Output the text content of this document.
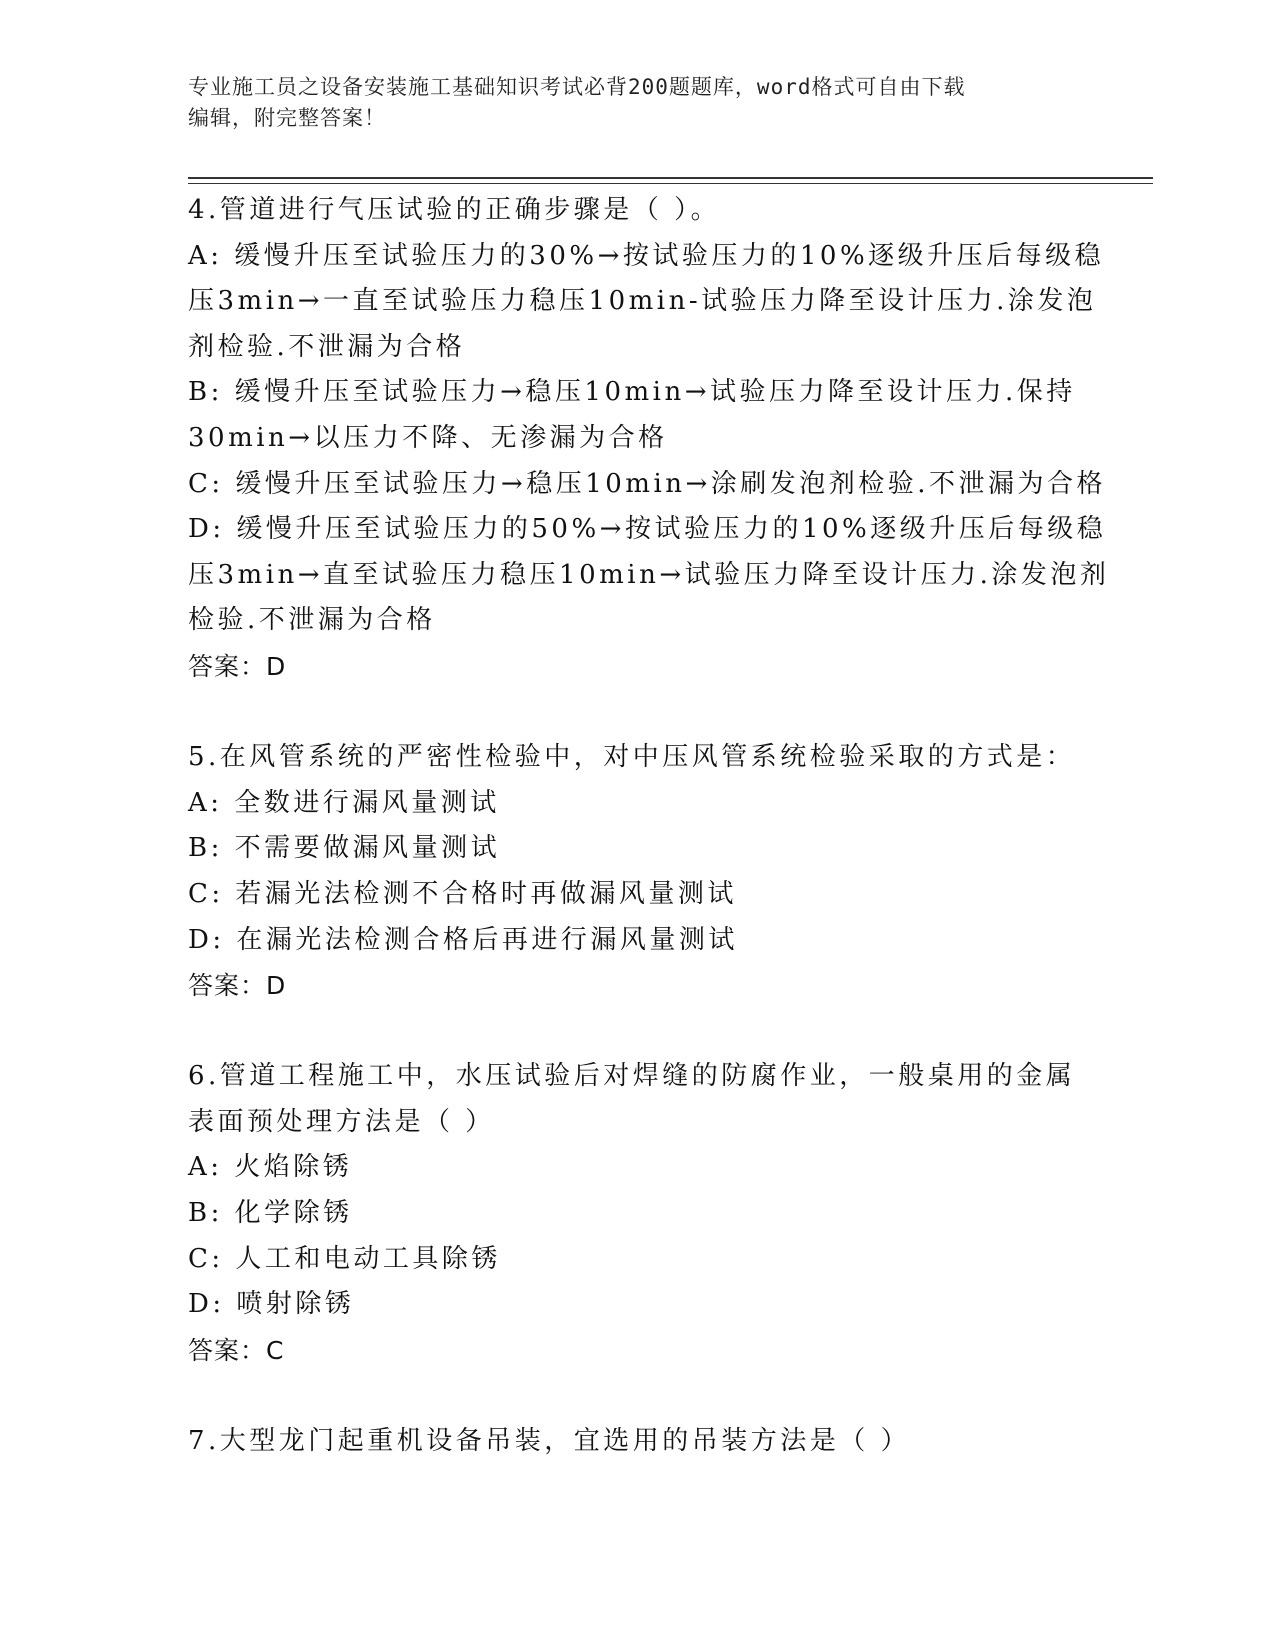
专业施工员之设备安装施工基础知识考试必背200题题库，word格式可自由下载
编辑，附完整答案！
4.管道进行气压试验的正确步骤是（ ）。
A: 缓慢升压至试验压力的30%→按试验压力的10%逐级升压后每级稳
压3min→一直至试验压力稳压10min-试验压力降至设计压力.涂发泡
剂检验.不泄漏为合格
B: 缓慢升压至试验压力→稳压10min→试验压力降至设计压力.保持
30min→以压力不降、无渗漏为合格
C: 缓慢升压至试验压力→稳压10min→涂刷发泡剂检验.不泄漏为合格
D: 缓慢升压至试验压力的50%→按试验压力的10%逐级升压后每级稳
压3min→直至试验压力稳压10min→试验压力降至设计压力.涂发泡剂
检验.不泄漏为合格
答案：D
5.在风管系统的严密性检验中，对中压风管系统检验采取的方式是：
A: 全数进行漏风量测试
B: 不需要做漏风量测试
C: 若漏光法检测不合格时再做漏风量测试
D: 在漏光法检测合格后再进行漏风量测试
答案：D
6.管道工程施工中，水压试验后对焊缝的防腐作业，一般桌用的金属
表面预处理方法是（ ）
A: 火焰除锈
B: 化学除锈
C: 人工和电动工具除锈
D: 喷射除锈
答案：C
7.大型龙门起重机设备吊装，宜选用的吊装方法是（ ）
